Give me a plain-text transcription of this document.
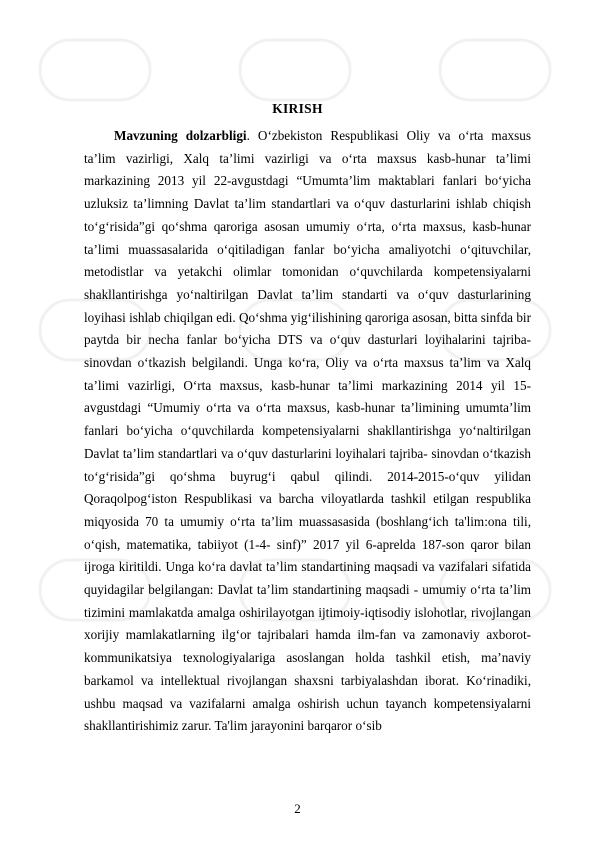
KIRISH

Mavzuning dolzarbligi. O‘zbekiston Respublikasi Oliy va o‘rta maxsus ta’lim vazirligi, Xalq ta’limi vazirligi va o‘rta maxsus kasb-hunar ta’limi markazining 2013 yil 22-avgustdagi “Umumta’lim maktablari fanlari bo‘yicha uzluksiz ta’limning Davlat ta’lim standartlari va o‘quv dasturlarini ishlab chiqish to‘g‘risida”gi qo‘shma qaroriga asosan umumiy o‘rta, o‘rta maxsus, kasb-hunar ta’limi muassasalarida o‘qitiladigan fanlar bo‘yicha amaliyotchi o‘qituvchilar, metodistlar va yetakchi olimlar tomonidan o‘quvchilarda kompetensiyalarni shakllantirishga yo‘naltirilgan Davlat ta’lim standarti va o‘quv dasturlarining loyihasi ishlab chiqilgan edi. Qo‘shma yig‘ilishining qaroriga asosan, bitta sinfda bir paytda bir necha fanlar bo‘yicha DTS va o‘quv dasturlari loyihalarini tajriba-sinovdan o‘tkazish belgilandi. Unga ko‘ra, Oliy va o‘rta maxsus ta’lim va Xalq ta’limi vazirligi, O‘rta maxsus, kasb-hunar ta’limi markazining 2014 yil 15-avgustdagi “Umumiy o‘rta va o‘rta maxsus, kasb-hunar ta’limining umumta’lim fanlari bo‘yicha o‘quvchilarda kompetensiyalarni shakllantirishga yo‘naltirilgan Davlat ta’lim standartlari va o‘quv dasturlarini loyihalari tajriba- sinovdan o‘tkazish to‘g‘risida”gi qo‘shma buyrug‘i qabul qilindi. 2014-2015-o‘quv yilidan Qoraqolpog‘iston Respublikasi va barcha viloyatlarda tashkil etilgan respublika miqyosida 70 ta umumiy o‘rta ta’lim muassasasida (boshlang‘ich ta'lim:ona tili, o‘qish, matematika, tabiiyot (1-4- sinf)” 2017 yil 6-aprelda 187-son qaror bilan ijroga kiritildi. Unga ko‘ra davlat ta’lim standartining maqsadi va vazifalari sifatida quyidagilar belgilangan: Davlat ta’lim standartining maqsadi - umumiy o‘rta ta’lim tizimini mamlakatda amalga oshirilayotgan ijtimoiy-iqtisodiy islohotlar, rivojlangan xorijiy mamlakatlarning ilg‘or tajribalari hamda ilm-fan va zamonaviy axborot- kommunikatsiya texnologiyalariga asoslangan holda tashkil etish, ma’naviy barkamol va intellektual rivojlangan shaxsni tarbiyalashdan iborat. Ko‘rinadiki, ushbu maqsad va vazifalarni amalga oshirish uchun tayanch kompetensiyalarni shakllantirishimiz zarur. Ta'lim jarayonini barqaror o‘sib

2
